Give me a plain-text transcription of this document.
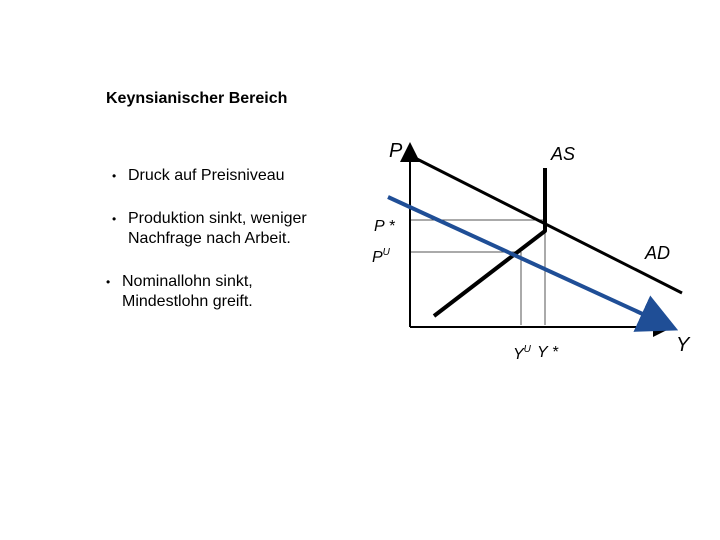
Keynsianischer Bereich
• Druck auf Preisniveau
• Produktion sinkt, weniger
Nachfrage nach Arbeit.
• Nominallohn sinkt,
Mindestlohn greift.
P
Y
AS
AD
P *
$P^U$
$Y^U$ Y *
